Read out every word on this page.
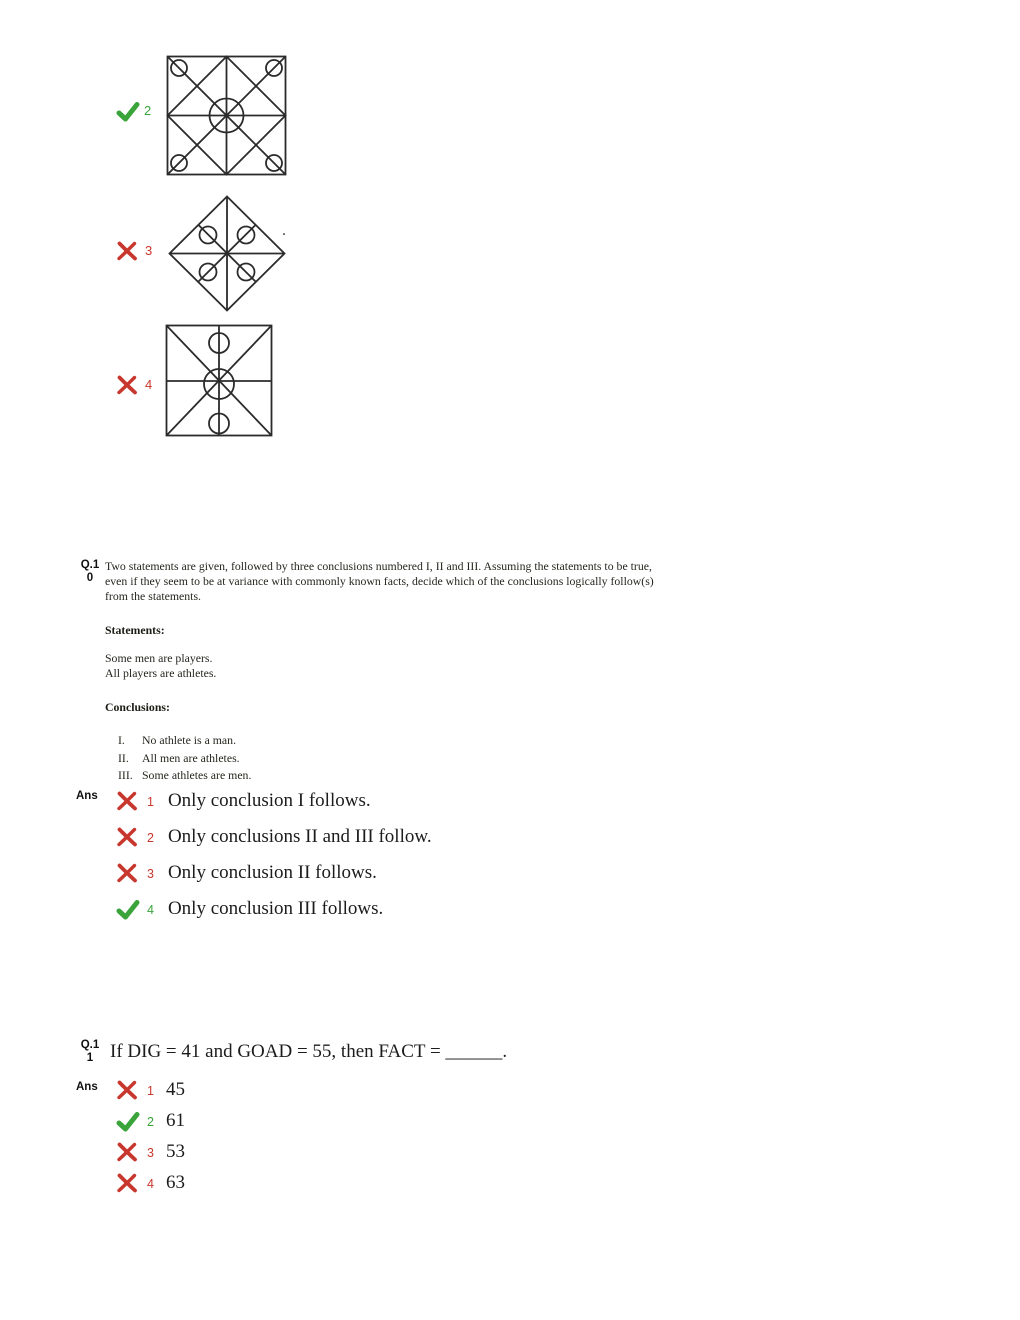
2
3
.
4
Q.1
0
Two statements are given, followed by three conclusions numbered I, II and III. Assuming the statements to be true,
even if they seem to be at variance with commonly known facts, decide which of the conclusions logically follow(s)
from the statements.
Statements:
Some men are players.
All players are athletes.
Conclusions:
I. No athlete is a man.
II. All men are athletes.
III. Some athletes are men.
Ans	1 Only conclusion I follows.
2 Only conclusions II and III follow.
3 Only conclusion II follows.
4 Only conclusion III follows.
Q.1
1 If DIG = 41 and GOAD = 55, then FACT = ______.
Ans	1 45
2 61
3 53
4 63
